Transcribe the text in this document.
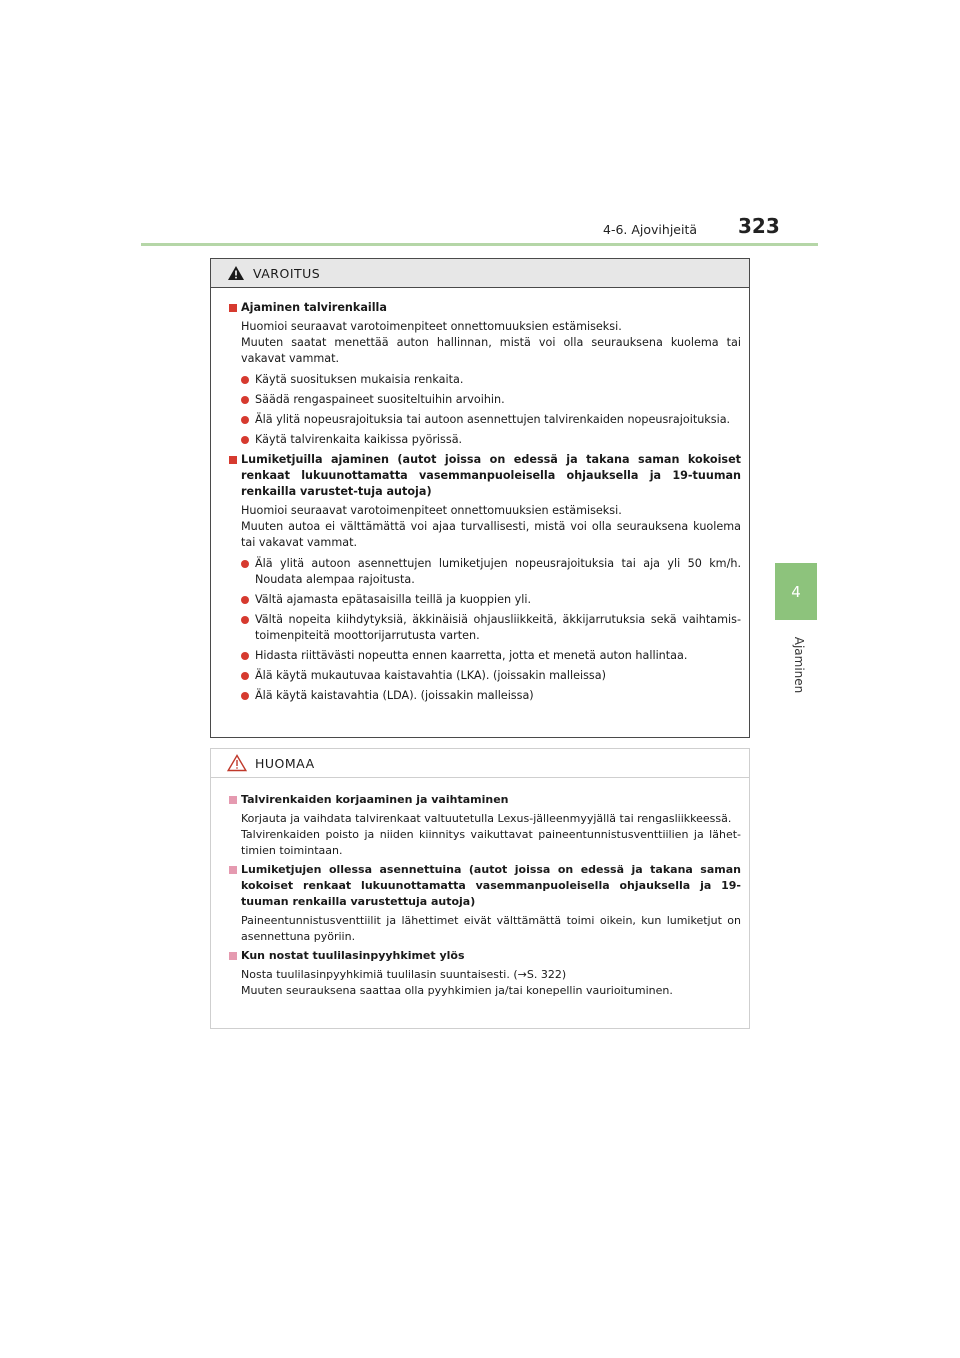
4-6. Ajovihjeitä 323
4
Ajaminen
VAROITUS
Ajaminen talvirenkailla
Huomioi seuraavat varotoimenpiteet onnettomuuksien estämiseksi.
Muuten saatat menettää auton hallinnan, mistä voi olla seurauksena kuolema tai vakavat vammat.
Käytä suosituksen mukaisia renkaita.
Säädä rengaspaineet suositeltuihin arvoihin.
Älä ylitä nopeusrajoituksia tai autoon asennettujen talvirenkaiden nopeusrajoituksia.
Käytä talvirenkaita kaikissa pyörissä.
Lumiketjuilla ajaminen (autot joissa on edessä ja takana saman kokoiset renkaat lukuunottamatta vasemmanpuoleisella ohjauksella ja 19-tuuman renkailla varustet-tuja autoja)
Huomioi seuraavat varotoimenpiteet onnettomuuksien estämiseksi.
Muuten autoa ei välttämättä voi ajaa turvallisesti, mistä voi olla seurauksena kuolema tai vakavat vammat.
Älä ylitä autoon asennettujen lumiketjujen nopeusrajoituksia tai aja yli 50 km/h. Noudata alempaa rajoitusta.
Vältä ajamasta epätasaisilla teillä ja kuoppien yli.
Vältä nopeita kiihdytyksiä, äkkinäisiä ohjausliikkeitä, äkkijarrutuksia sekä vaihtamis-toimenpiteitä moottorijarrutusta varten.
Hidasta riittävästi nopeutta ennen kaarretta, jotta et menetä auton hallintaa.
Älä käytä mukautuvaa kaistavahtia (LKA). (joissakin malleissa)
Älä käytä kaistavahtia (LDA). (joissakin malleissa)
HUOMAA
Talvirenkaiden korjaaminen ja vaihtaminen
Korjauta ja vaihdata talvirenkaat valtuutetulla Lexus-jälleenmyyjällä tai rengasliikkeessä.
Talvirenkaiden poisto ja niiden kiinnitys vaikuttavat paineentunnistusventtiilien ja lähet-timien toimintaan.
Lumiketjujen ollessa asennettuina (autot joissa on edessä ja takana saman kokoiset renkaat lukuunottamatta vasemmanpuoleisella ohjauksella ja 19-tuuman renkailla varustettuja autoja)
Paineentunnistusventtiilit ja lähettimet eivät välttämättä toimi oikein, kun lumiketjut on asennettuna pyöriin.
Kun nostat tuulilasinpyyhkimet ylös
Nosta tuulilasinpyyhkimiä tuulilasin suuntaisesti. (→S. 322)
Muuten seurauksena saattaa olla pyyhkimien ja/tai konepellin vaurioituminen.
